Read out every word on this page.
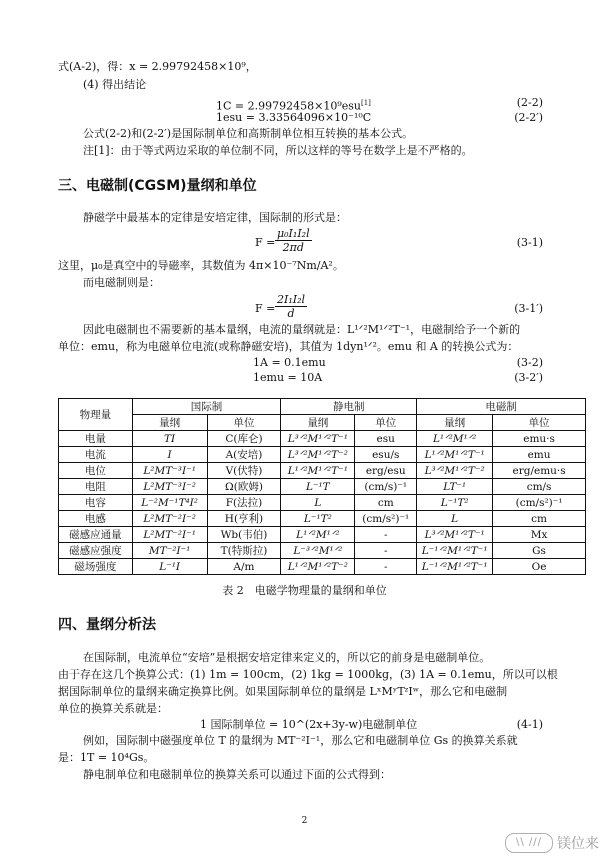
式(A-2)，得：x = 2.99792458×10⁹，
(4) 得出结论
1C = 2.99792458×10⁹esu[1]	(2-2)
1esu = 3.33564096×10⁻¹⁰C	(2-2′)
公式(2-2)和(2-2′)是国际制单位和高斯制单位相互转换的基本公式。
注[1]：由于等式两边采取的单位制不同，所以这样的等号在数学上是不严格的。
三、电磁制(CGSM)量纲和单位
静磁学中最基本的定律是安培定律，国际制的形式是：
$F = \frac{\text{μ₀I₁I₂l}}{2\pi d}$	(3-1)
这里，μ₀是真空中的导磁率，其数值为 4π×10⁻⁷Nm/A²。
而电磁制则是：
$F = \frac{\text{2I₁I₂l}}{d}$	(3-1′)
因此电磁制也不需要新的基本量纲，电流的量纲就是：L¹ᐟ²M¹ᐟ²T⁻¹，电磁制给予一个新的
单位：emu，称为电磁单位电流(或称静磁安培)，其值为 1dyn¹ᐟ²。emu 和 A 的转换公式为：
1A = 0.1emu	(3-2)
1emu = 10A	(3-2′)
物理量	国际制		静电制		电磁制	
	量纲	单位	量纲	单位	量纲	单位
电量	TI	C(库仑)	L³ᐟ²M¹ᐟ²T⁻¹	esu	L¹ᐟ²M¹ᐟ²	emu·s
电流	I	A(安培)	L³ᐟ²M¹ᐟ²T⁻²	esu/s	L¹ᐟ²M¹ᐟ²T⁻¹	emu
电位	L²MT⁻³I⁻¹	V(伏特)	L¹ᐟ²M¹ᐟ²T⁻¹	erg/esu	L³ᐟ²M¹ᐟ²T⁻²	erg/emu·s
电阻	L²MT⁻³I⁻²	Ω(欧姆)	L⁻¹T	(cm/s)⁻¹	LT⁻¹	cm/s
电容	L⁻²M⁻¹T⁴I²	F(法拉)	L	cm	L⁻¹T²	(cm/s²)⁻¹
电感	L²MT⁻²I⁻²	H(亨利)	L⁻¹T²	(cm/s²)⁻¹	L	cm
磁感应通量	L²MT⁻²I⁻¹	Wb(韦伯)	L¹ᐟ²M¹ᐟ²	-	L³ᐟ²M¹ᐟ²T⁻¹	Mx
磁感应强度	MT⁻²I⁻¹	T(特斯拉)	L⁻³ᐟ²M¹ᐟ²	-	L⁻¹ᐟ²M¹ᐟ²T⁻¹	Gs
磁场强度	L⁻¹I	A/m	L¹ᐟ²M¹ᐟ²T⁻²	-	L⁻¹ᐟ²M¹ᐟ²T⁻¹	Oe
表 2　电磁学物理量的量纲和单位
四、量纲分析法
在国际制，电流单位“安培”是根据安培定律来定义的，所以它的前身是电磁制单位。
由于存在这几个换算公式：(1) 1m = 100cm，(2) 1kg = 1000kg，(3) 1A = 0.1emu，所以可以根
据国际制单位的量纲来确定换算比例。如果国际制单位的量纲是 LˣMʸTᶻIʷ，那么它和电磁制
单位的换算关系就是：
1 国际制单位 = 10^(2x+3y-w)电磁制单位	(4-1)
例如，国际制中磁强度单位 T 的量纲为 MT⁻²I⁻¹，那么它和电磁制单位 Gs 的换算关系就
是：1T = 10⁴Gs。
静电制单位和电磁制单位的换算关系可以通过下面的公式得到：
2
\\ ///	镁位来
